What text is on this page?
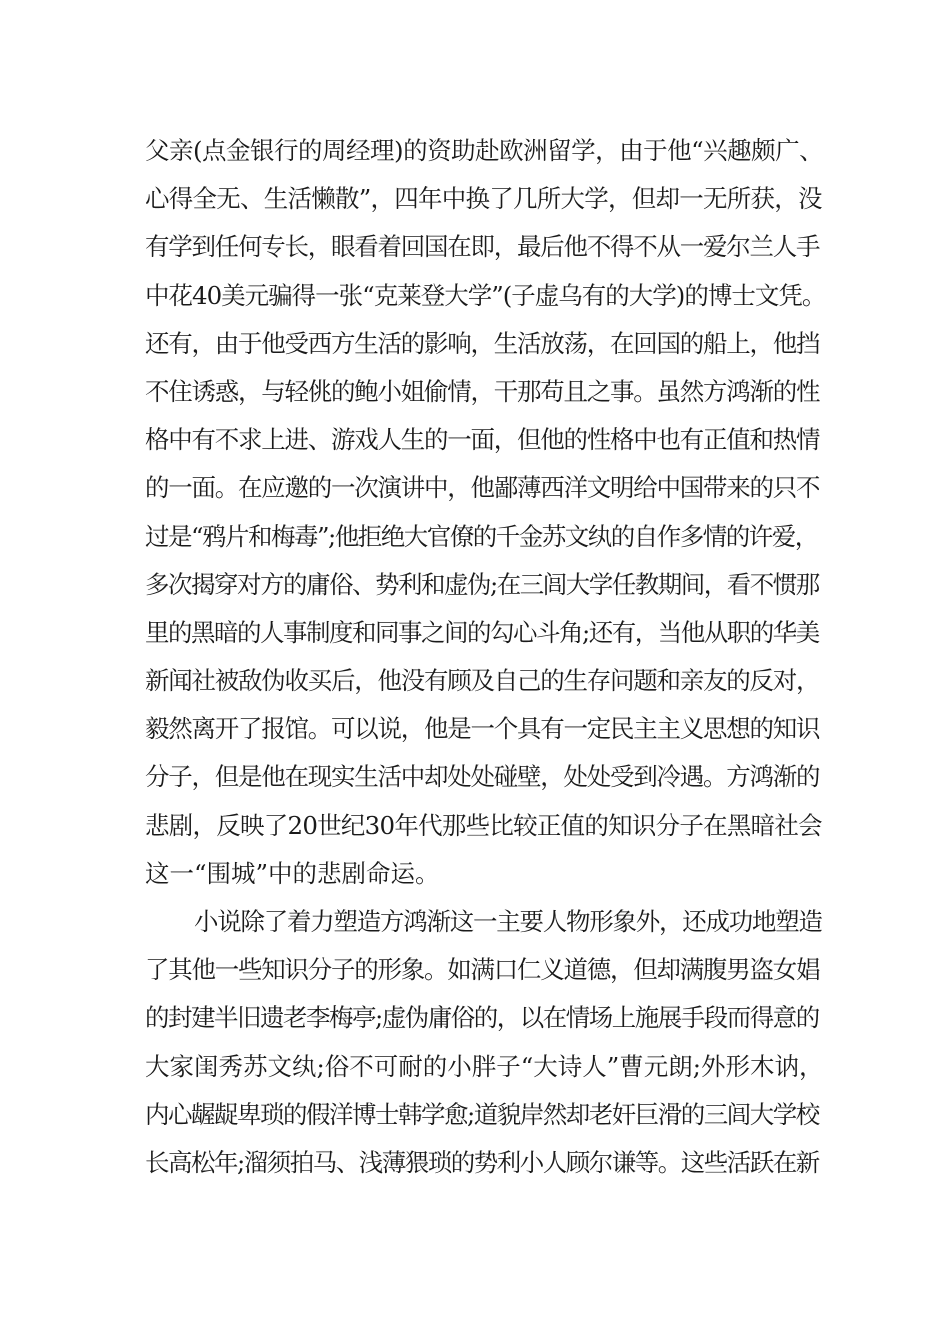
父亲(点金银行的周经理)的资助赴欧洲留学，由于他“兴趣颇广、
心得全无、生活懒散”，四年中换了几所大学，但却一无所获，没
有学到任何专长，眼看着回国在即，最后他不得不从一爱尔兰人手
中花40美元骗得一张“克莱登大学”(子虚乌有的大学)的博士文凭。
还有，由于他受西方生活的影响，生活放荡，在回国的船上，他挡
不住诱惑，与轻佻的鲍小姐偷情，干那苟且之事。虽然方鸿渐的性
格中有不求上进、游戏人生的一面，但他的性格中也有正值和热情
的一面。在应邀的一次演讲中，他鄙薄西洋文明给中国带来的只不
过是“鸦片和梅毒”;他拒绝大官僚的千金苏文纨的自作多情的许爱，
多次揭穿对方的庸俗、势利和虚伪;在三闾大学任教期间，看不惯那
里的黑暗的人事制度和同事之间的勾心斗角;还有，当他从职的华美
新闻社被敌伪收买后，他没有顾及自己的生存问题和亲友的反对，
毅然离开了报馆。可以说，他是一个具有一定民主主义思想的知识
分子，但是他在现实生活中却处处碰壁，处处受到冷遇。方鸿渐的
悲剧，反映了20世纪30年代那些比较正值的知识分子在黑暗社会
这一“围城”中的悲剧命运。
小说除了着力塑造方鸿渐这一主要人物形象外，还成功地塑造
了其他一些知识分子的形象。如满口仁义道德，但却满腹男盗女娼
的封建半旧遗老李梅亭;虚伪庸俗的，以在情场上施展手段而得意的
大家闺秀苏文纨;俗不可耐的小胖子“大诗人”曹元朗;外形木讷，
内心龌龊卑琐的假洋博士韩学愈;道貌岸然却老奸巨滑的三闾大学校
长高松年;溜须拍马、浅薄猥琐的势利小人顾尔谦等。这些活跃在新
